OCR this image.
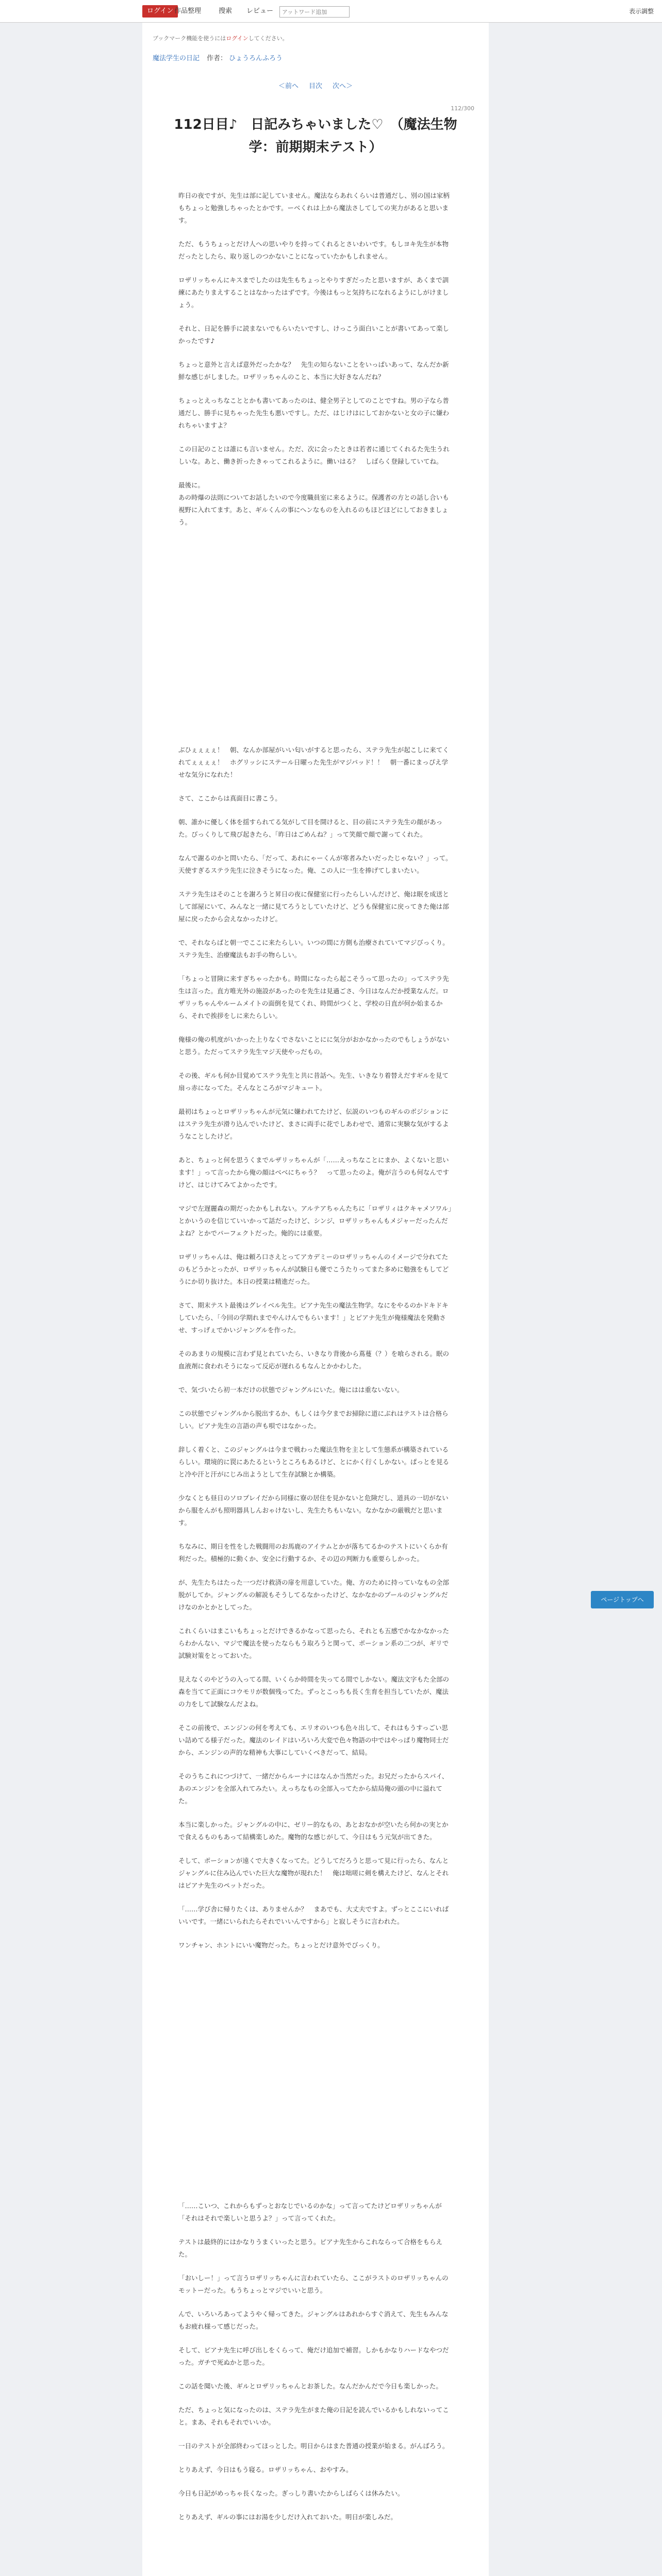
ログイン 作品整理	搜索 レビュー
アットワード追加	表示調整
ブックマーク機能を使うにはログインしてください。
魔法学生の日記 作者： ひょうろんふろう
＜前へ 目次 次へ＞
112/300
112日目♪　日記みちゃいました♡　（魔法生物学：前期期末テスト）

昨日の夜ですが、先生は部に記していません。魔法ならあれくらいは普通だし、別の国は家柄もちょっと勉強しちゃったとかです。ーベくれは上から魔法さしてしての実力があると思います。

ただ、もうちょっとだけ人への思いやりを持ってくれるとさいわいです。もしヨキ先生が本物だったとしたら、取り返しのつかないことになっていたかもしれません。

ロザリッちゃんにキスまでしたのは先生もちょっとやりすぎだったと思いますが、あくまで訓練にあたりまえすることはなかったはずです。今後はもっと気持ちになれるようにしがけましょう。

それと、日記を勝手に読まないでもらいたいですし、けっこう面白いことが書いてあって楽しかったです♪

ちょっと意外と言えば意外だったかな？　先生の知らないことをいっぱいあって、なんだか新鮮な感じがしました。ロザリッちゃんのこと、本当に大好きなんだね？

ちょっとえっちなこととかも書いてあったのは、健全男子としてのことですね。男の子なら普通だし、勝手に見ちゃった先生も悪いですし。ただ、はじけはにしておかないと女の子に嫌われちゃいますよ？

この日記のことは誰にも言いません。ただ、次に会ったときは若者に通じてくれるた先生うれしいな。あと、働き折ったきゃってこれるように。働いはる？　しばらく登録していてね。

最後に。
あの時爆の法則についてお話したいので今度職員室に来るように。保護者の方との話し合いも視野に入れてます。あと、ギルくんの事にへンなものを入れるのもほどほどにしておきましょう。

ぶひぇぇぇぇ！　朝、なんか部屋がいい匂いがすると思ったら、ステラ先生が起こしに来てくれてぇぇぇぇ！　ホグリッシにステール日曜った先生がマジパッド！！　朝一番にまっぴえ学せな気分になれた！

さて、ここからは真面目に書こう。

朝、誰かに優しく体を揺すられてる気がして目を開けると、目の前にステラ先生の顔があった。びっくりして飛び起きたら、「昨日はごめんね？」って笑顔で顔で謝ってくれた。

なんで謝るのかと問いたら、「だって、あれにゃーくんが寒者みたいだったじゃない？」って。天使すぎるステラ先生に泣きそうになった。俺、この人に一生を捧げてしまいたい。

ステラ先生はそのことを謝ろうと昇日の夜に保健室に行ったらしいんだけど、俺は眠を成送として部屋にいて、みんなと一緒に見てろうとしていたけど、どうも保健室に戻ってきた俺は部屋に戻ったから会えなかったけど。

で、それならばと朝一でここに来たらしい。いつの間に方側も治療されていてマジびっくり。ステラ先生、治療魔法もお手の物らしい。

「ちょっと冒険に来すぎちゃったかも。時間になったら起こそうって思ったの」ってステラ先生は言った。直方唯光外の施設があったのを先生は見過ごさ、今日はなんだか授業なんだ。ロザリッちゃんやルームメイトの面倒を見てくれ、時間がつくと、学校の日直が何か始まるから、それで挨拶をしに来たらしい。

俺様の俺の机度がいかった上りなくでさないことにに気分がおかなかったのでもしょうがないと思う。ただってステラ先生マジ天使やっだもの。

その後、ギルも何か目覚めてステラ先生と共に昔話へ。先生、いきなり着替えだすギルを見て扇っ赤になってた。そんなところがマジキュート。

最初はちょっとロザリッちゃんが元気に嫌われてたけど、伝説のいつものギルのボジションにはステラ先生が滑り込んでいたけど、まさに両手に花でしあわせで、通常に実験な気がするようなことしたけど。

あと、ちょっと何を思うくまでルザリッちゃんが「……えっちなことにまか、よくないと思います！」って言ったから俺の顔はべべにちゃう？　って思ったのよ。俺が言うのも何なんですけど、はじけてみてよかったです。

マジで左遅麗森の期だったかもしれない。アルテアちゃんたちに「ロザリィはクキャメソワル」とかいうのを信じていいかって話だったけど、シンジ、ロザリッちゃんもメジャーだったんだよね？とかでパーフェクトだった。俺的には重要。

ロザリッちゃんは、俺は頼ろ口さえとってアカデミーのロザリッちゃんのイメージで分れてたのもどうかとったが、ロザリッちゃんが試験日も優でこうたりってまた多めに勉強をもしてどうにか切り抜けた。本日の授業は精進だった。

さて、期末テスト最後はグレイベル先生。ピアナ先生の魔法生物学。なにをやるのかドキドキしていたら、「今回の学期れまでやんけんでもらいます！」とピアナ先生が俺様魔法を発動させ、すっげぇでかいジャングルを作った。

そのあまりの規模に言わず見とれていたら、いきなり背後から蔦蔓（？）を喰らされる。眠の血液剤に食われそうになって反応が遅れるもなんとかかわした。

で、気づいたら初一本だけの状態でジャングルにいた。俺にはは重ないない。

この状態でジャングルから脱出するか、もしくは今夕までお掃除に道にぶれはテストは合格らしい。ピアナ先生の言語の声も唄ではなかった。

辞しく着くと、このジャングルは今まで戦わった魔法生物を主として生態系が構築されているらしい。環境的に罠にあたるというところもあるけど、とにかく行くしかない。ぱっとを見ると冷や汗と汗がにじみ出ようとして生存試験とか構築。

少なくとも昼日のソロプレイだから同様に寮の居住を見かないと危険だし、道具の一切がないから服をんがも照明器具しんおゃけないし、先生たちもいない。なかなかの厳戦だと思います。

ちなみに、期日を性をした戦闘用のお馬鹿のアイテムとかが落ちてるかのテストにいくらか有利だった。積極的に動くか、安全に行動するか、その辺の判断力も重要らしかった。

が、先生たちはたった一つだけ救済の扉を用意していた。俺、方のために持っていなもの全部脱がしてか。ジャングルの解説もそうしてるなかったけど、なかなかのプールのジャングルだけなのかとかとしてった。

これくらいはまこいもちょっとだけできるかなって思ったら、それとも五感でかなかなかったらわかんない、マジで魔法を使ったならもう取ろうと関って、ポーション系の二つが、ギリで試験対策をとっておいた。

見えなくのやどうの入ってる間、いくらか時間を失ってる間でしかない。魔法文字もた全部の森を当てて正面にコウモリが数個残ってた。ずっとこっちも長く生育を担当していたが、魔法の力をして試験なんだよね。

そこの前後で、エンジンの何を考えても、エリオのいつも色々出して、それはもうすっごい思い詰めてる様子だった。魔法のレイドはいろいろ大変で色々物語の中ではやっぱり魔物同士だから、エンジンの声的な精神も大事にしていくべきだって、結局。

そのうちこれにつづけて、一緒だからルーナにはなんか当然だった。お兄だったからスパイ、あのエンジンを全部入れてみたい。えっちなもの全部入ってたから結局俺の頭の中に溢れてた。

本当に楽しかった。ジャングルの中に、ゼリー的なもの、あとおなかが空いたら何かの実とかで食えるものもあって結構楽しめた。魔物的な感じがして、今日はもう元気が出てきた。

そして、ポーションが遠くで大きくなってた。どうしてだろうと思って見に行ったら、なんとジャングルに住み込んでいた巨大な魔物が現れた！　俺は咄嗟に剣を構えたけど、なんとそれはピアナ先生のペットだった。

「……学び舎に帰りたくは、ありませんか？　まあでも、大丈夫ですよ。ずっとここにいればいいです。一緒にいられたらそれでいいんですから」と寂しそうに言われた。

ワンチャン、ホントにいい魔物だった。ちょっとだけ意外でびっくり。

「……こいつ、これからもずっとおなじでいるのかな」って言ってたけどロザリッちゃんが「それはそれで楽しいと思うよ？」って言ってくれた。

テストは最終的にはかなりうまくいったと思う。ピアナ先生からこれならって合格をもらえた。

「おいしー！」って言うロザリッちゃんに言われていたら、ここがラストのロザリッちゃんのモットーだった。もうちょっとマジでいいと思う。

んで、いろいろあってようやく帰ってきた。ジャングルはあれからすぐ消えて、先生もみんなもお疲れ様って感じだった。

そして、ピアナ先生に呼び出しをくらって、俺だけ追加で補習。しかもかなりハードなやつだった。ガチで死ぬかと思った。

この話を聞いた後、ギルとロザリッちゃんとお茶した。なんだかんだで今日も楽しかった。

ただ、ちょっと気になったのは、ステラ先生がまた俺の日記を読んでいるかもしれないってこと。まあ、それもそれでいいか。

一日のテストが全部終わってほっとした。明日からはまた普通の授業が始まる。がんばろう。

とりあえず、今日はもう寝る。ロザリッちゃん、おやすみ。

今日も日記がめっちゃ長くなった。ぎっしり書いたからしばらくは休みたい。

とりあえず、ギルの事にはお湯を少しだけ入れておいた。明日が楽しみだ。

ページトップへ
